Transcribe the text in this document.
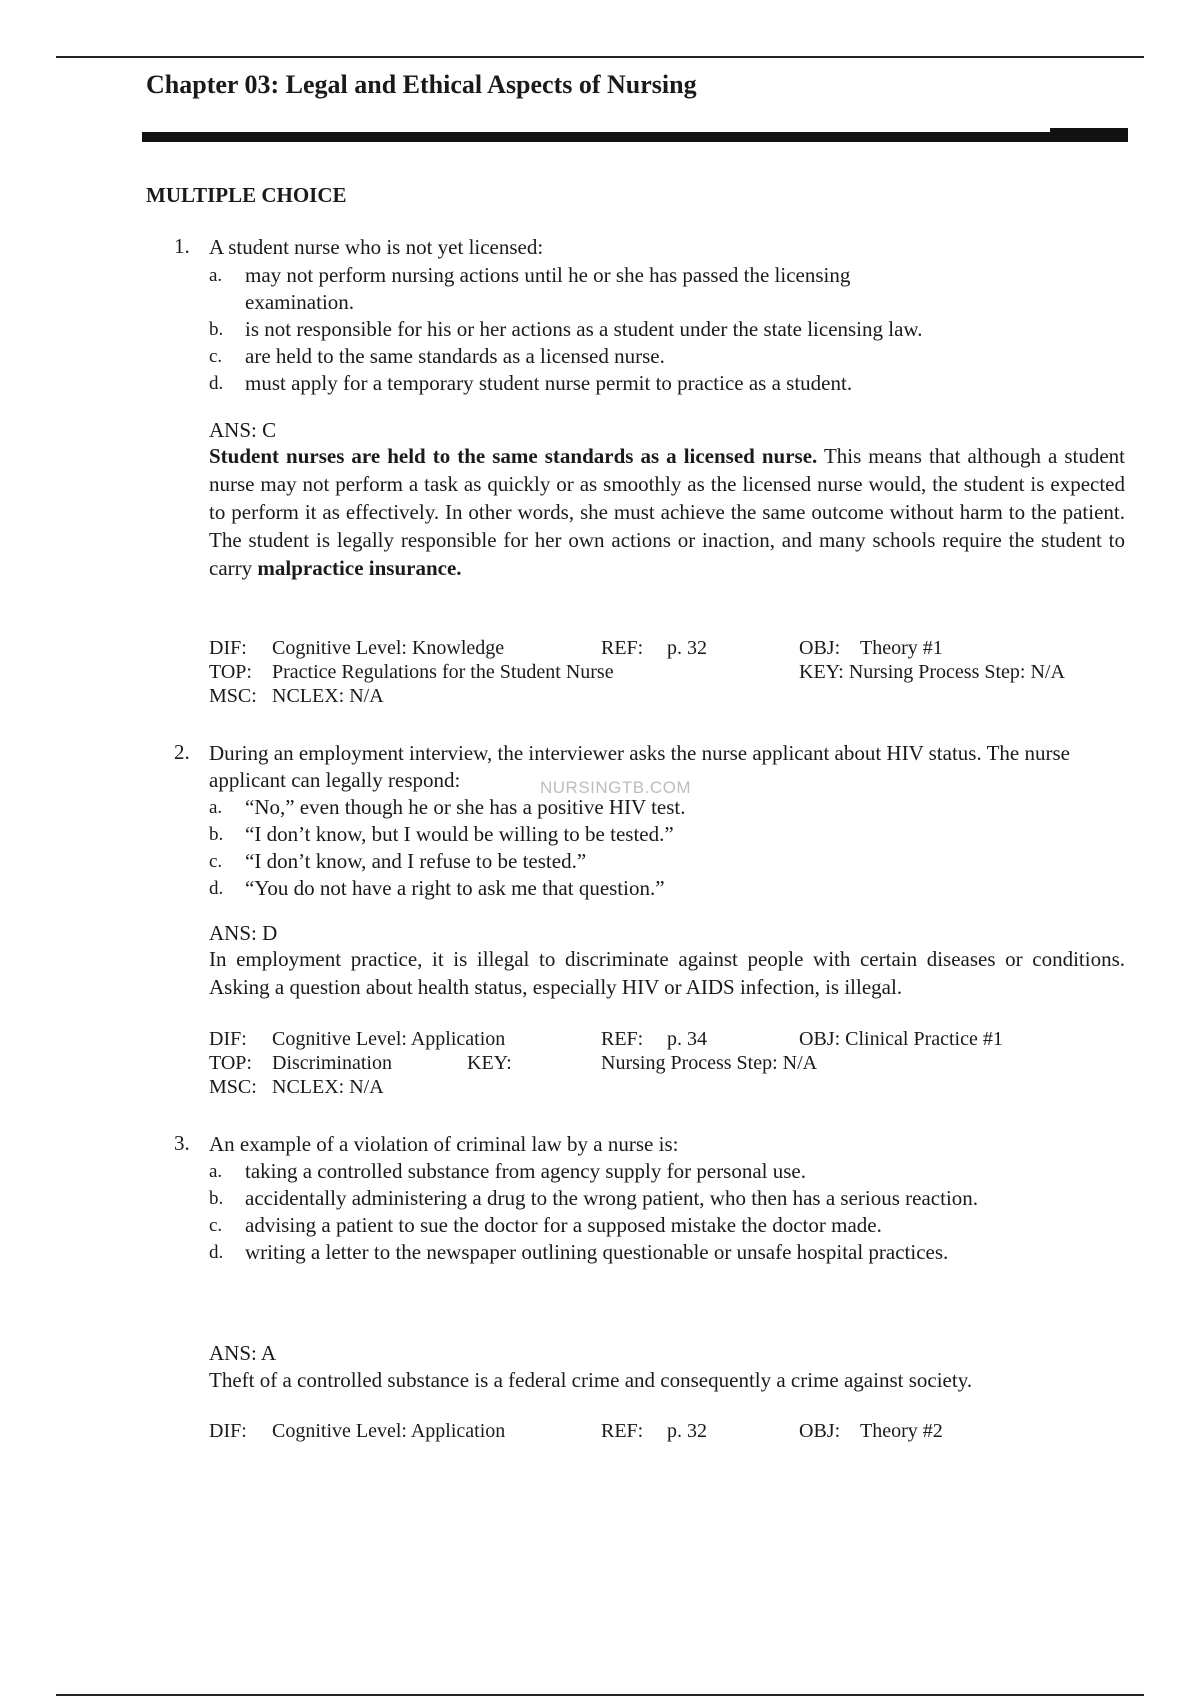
Chapter 03: Legal and Ethical Aspects of Nursing
MULTIPLE CHOICE
1. A student nurse who is not yet licensed:
a. may not perform nursing actions until he or she has passed the licensing examination.
b. is not responsible for his or her actions as a student under the state licensing law.
c. are held to the same standards as a licensed nurse.
d. must apply for a temporary student nurse permit to practice as a student.
ANS: C
Student nurses are held to the same standards as a licensed nurse. This means that although a student nurse may not perform a task as quickly or as smoothly as the licensed nurse would, the student is expected to perform it as effectively. In other words, she must achieve the same outcome without harm to the patient. The student is legally responsible for her own actions or inaction, and many schools require the student to carry malpractice insurance.
DIF: Cognitive Level: Knowledge	REF: p. 32	OBJ: Theory #1
TOP: Practice Regulations for the Student Nurse	KEY: Nursing Process Step: N/A
MSC: NCLEX: N/A
2. During an employment interview, the interviewer asks the nurse applicant about HIV status. The nurse applicant can legally respond:
a. “No,” even though he or she has a positive HIV test.
b. “I don’t know, but I would be willing to be tested.”
c. “I don’t know, and I refuse to be tested.”
d. “You do not have a right to ask me that question.”
ANS: D
In employment practice, it is illegal to discriminate against people with certain diseases or conditions. Asking a question about health status, especially HIV or AIDS infection, is illegal.
DIF: Cognitive Level: Application	REF: p. 34	OBJ: Clinical Practice #1
TOP: Discrimination	KEY:	Nursing Process Step: N/A
MSC: NCLEX: N/A
3. An example of a violation of criminal law by a nurse is:
a. taking a controlled substance from agency supply for personal use.
b. accidentally administering a drug to the wrong patient, who then has a serious reaction.
c. advising a patient to sue the doctor for a supposed mistake the doctor made.
d. writing a letter to the newspaper outlining questionable or unsafe hospital practices.
ANS: A
Theft of a controlled substance is a federal crime and consequently a crime against society.
DIF: Cognitive Level: Application	REF: p. 32	OBJ: Theory #2
NURSINGTB.COM
